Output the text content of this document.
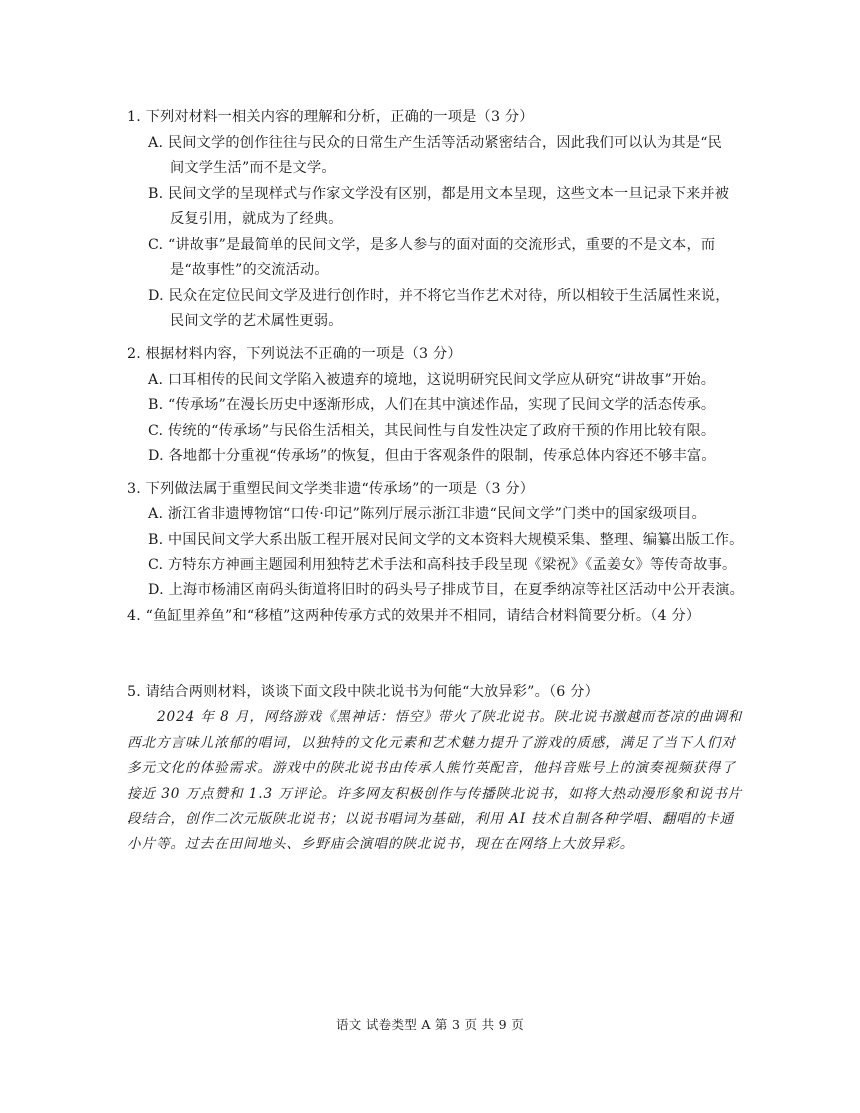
1. 下列对材料一相关内容的理解和分析，正确的一项是（3 分）
A. 民间文学的创作往往与民众的日常生产生活等活动紧密结合，因此我们可以认为其是“民
间文学生活”而不是文学。
B. 民间文学的呈现样式与作家文学没有区别，都是用文本呈现，这些文本一旦记录下来并被
反复引用，就成为了经典。
C. “讲故事”是最简单的民间文学，是多人参与的面对面的交流形式，重要的不是文本，而
是“故事性”的交流活动。
D. 民众在定位民间文学及进行创作时，并不将它当作艺术对待，所以相较于生活属性来说，
民间文学的艺术属性更弱。
2. 根据材料内容，下列说法不正确的一项是（3 分）
A. 口耳相传的民间文学陷入被遗弃的境地，这说明研究民间文学应从研究“讲故事”开始。
B. “传承场”在漫长历史中逐渐形成，人们在其中演述作品，实现了民间文学的活态传承。
C. 传统的“传承场”与民俗生活相关，其民间性与自发性决定了政府干预的作用比较有限。
D. 各地都十分重视“传承场”的恢复，但由于客观条件的限制，传承总体内容还不够丰富。
3. 下列做法属于重塑民间文学类非遗“传承场”的一项是（3 分）
A. 浙江省非遗博物馆“口传·印记”陈列厅展示浙江非遗“民间文学”门类中的国家级项目。
B. 中国民间文学大系出版工程开展对民间文学的文本资料大规模采集、整理、编纂出版工作。
C. 方特东方神画主题园利用独特艺术手法和高科技手段呈现《梁祝》《孟姜女》等传奇故事。
D. 上海市杨浦区南码头街道将旧时的码头号子排成节目，在夏季纳凉等社区活动中公开表演。
4. “鱼缸里养鱼”和“移植”这两种传承方式的效果并不相同，请结合材料简要分析。（4 分）
5. 请结合两则材料，谈谈下面文段中陕北说书为何能“大放异彩”。（6 分）
2024 年 8 月，网络游戏《黑神话：悟空》带火了陕北说书。陕北说书激越而苍凉的曲调和
西北方言味儿浓郁的唱词，以独特的文化元素和艺术魅力提升了游戏的质感，满足了当下人们对
多元文化的体验需求。游戏中的陕北说书由传承人熊竹英配音，他抖音账号上的演奏视频获得了
接近 30 万点赞和 1.3 万评论。许多网友积极创作与传播陕北说书，如将大热动漫形象和说书片
段结合，创作二次元版陕北说书；以说书唱词为基础，利用 AI 技术自制各种学唱、翻唱的卡通
小片等。过去在田间地头、乡野庙会演唱的陕北说书，现在在网络上大放异彩。
语文 试卷类型 A 第 3 页 共 9 页
